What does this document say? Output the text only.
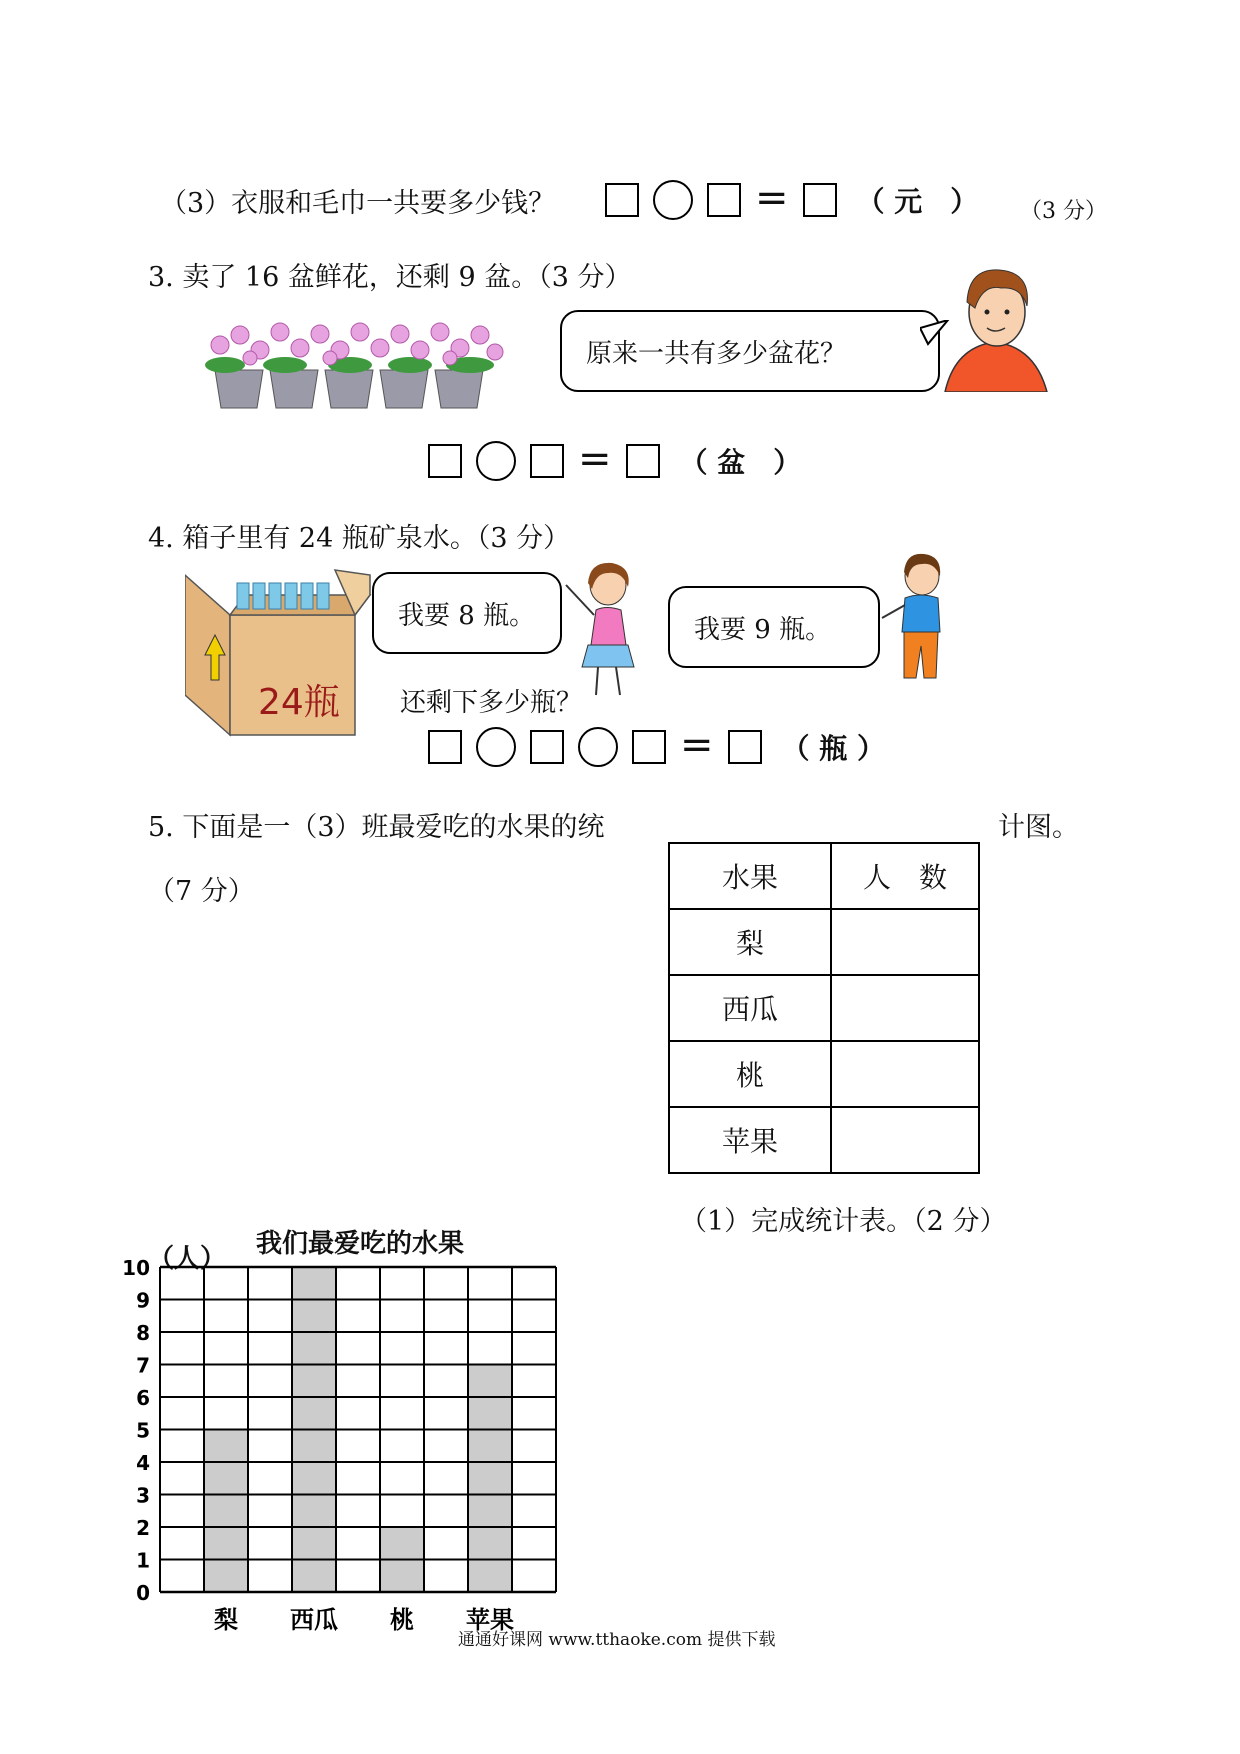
（3）衣服和毛巾一共要多少钱？	= （ 元　） （3 分）
3. 卖了 16 盆鲜花，还剩 9 盆。（3 分）
原来一共有多少盆花？
= （ 盆　）
4. 箱子里有 24 瓶矿泉水。（3 分）
24瓶
我要 8 瓶。	我要 9 瓶。
还剩下多少瓶？
= （ 瓶 ）
5. 下面是一（3）班最爱吃的水果的统	计图。
（7 分）	水果	人　数
梨	
西瓜	
桃	
苹果	
（1）完成统计表。（2 分）
我们最爱吃的水果
（人）
0
1
2
3
4
5
6
7
8
9
10
梨 西瓜 桃 苹果
通通好课网 www.tthaoke.com 提供下载
